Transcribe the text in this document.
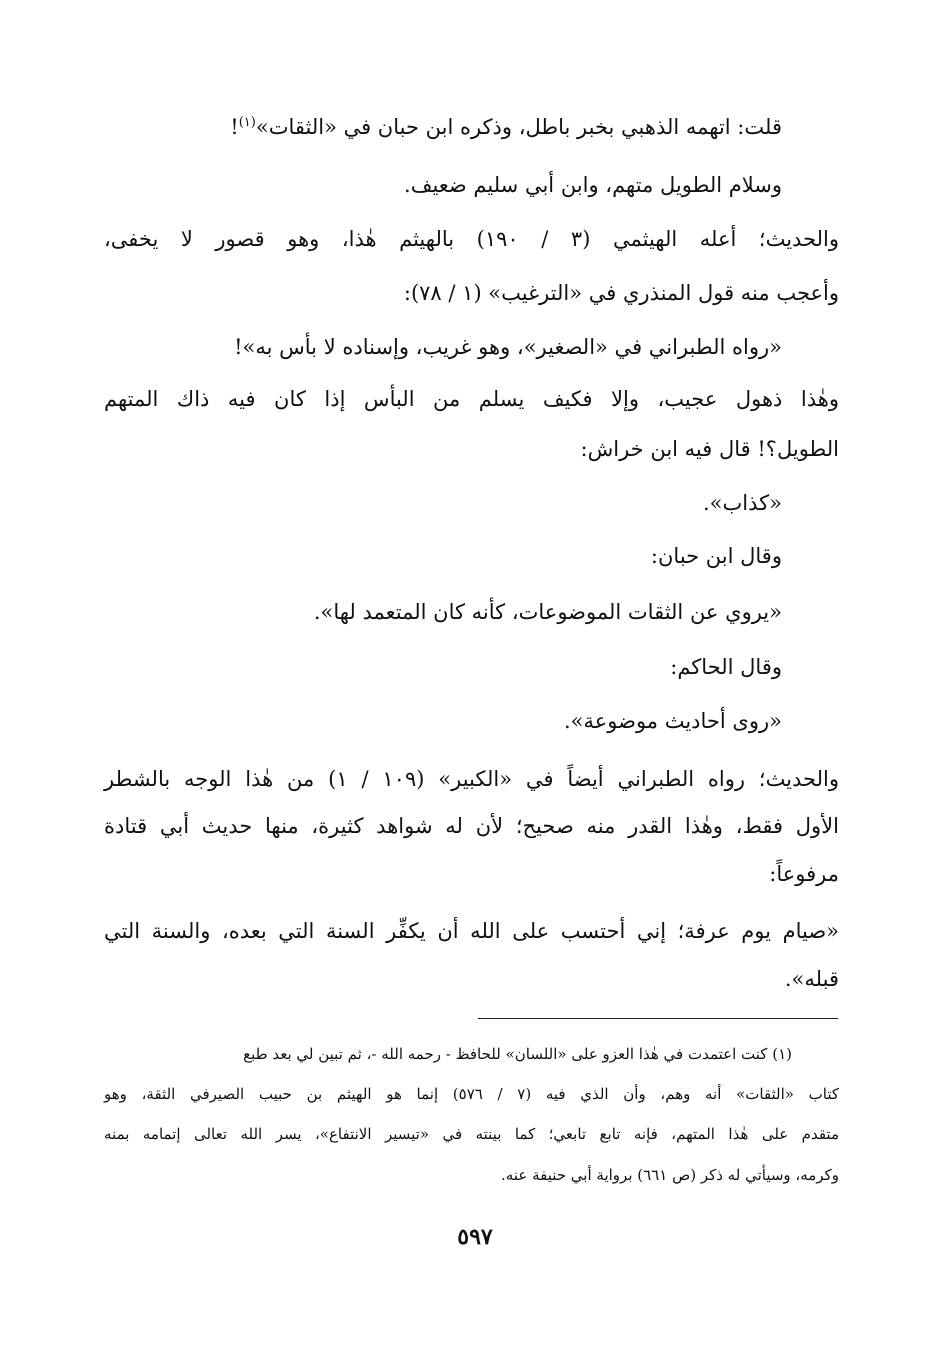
قلت: اتهمه الذهبي بخبر باطل، وذكره ابن حبان في «الثقات»$^{(١)}$!
وسلام الطويل متهم، وابن أبي سليم ضعيف.
والحديث؛ أعله الهيثمي (٣ / ١٩٠) بالهيثم هٰذا، وهو قصور لا يخفى،
وأعجب منه قول المنذري في «الترغيب» (١ / ٧٨):
«رواه الطبراني في «الصغير»، وهو غريب، وإسناده لا بأس به»!
وهٰذا ذهول عجيب، وإلا فكيف يسلم من البأس إذا كان فيه ذاك المتهم
الطويل؟! قال فيه ابن خراش:
«كذاب».
وقال ابن حبان:
«يروي عن الثقات الموضوعات، كأنه كان المتعمد لها».
وقال الحاكم:
«روى أحاديث موضوعة».
والحديث؛ رواه الطبراني أيضاً في «الكبير» (١٠٩ / ١) من هٰذا الوجه بالشطر
الأول فقط، وهٰذا القدر منه صحيح؛ لأن له شواهد كثيرة، منها حديث أبي قتادة
مرفوعاً:
«صيام يوم عرفة؛ إني أحتسب على الله أن يكفِّر السنة التي بعده، والسنة التي
قبله».
(١) كنت اعتمدت في هٰذا العزو على «اللسان» للحافظ - رحمه الله -، ثم تبين لي بعد طبع
كتاب «الثقات» أنه وهم، وأن الذي فيه (٧ / ٥٧٦) إنما هو الهيثم بن حبيب الصيرفي الثقة، وهو
متقدم على هٰذا المتهم، فإنه تابع تابعي؛ كما بينته في «تيسير الانتفاع»، يسر الله تعالى إتمامه بمنه
وكرمه، وسيأتي له ذكر (ص ٦٦١) برواية أبي حنيفة عنه.
٥٩٧
